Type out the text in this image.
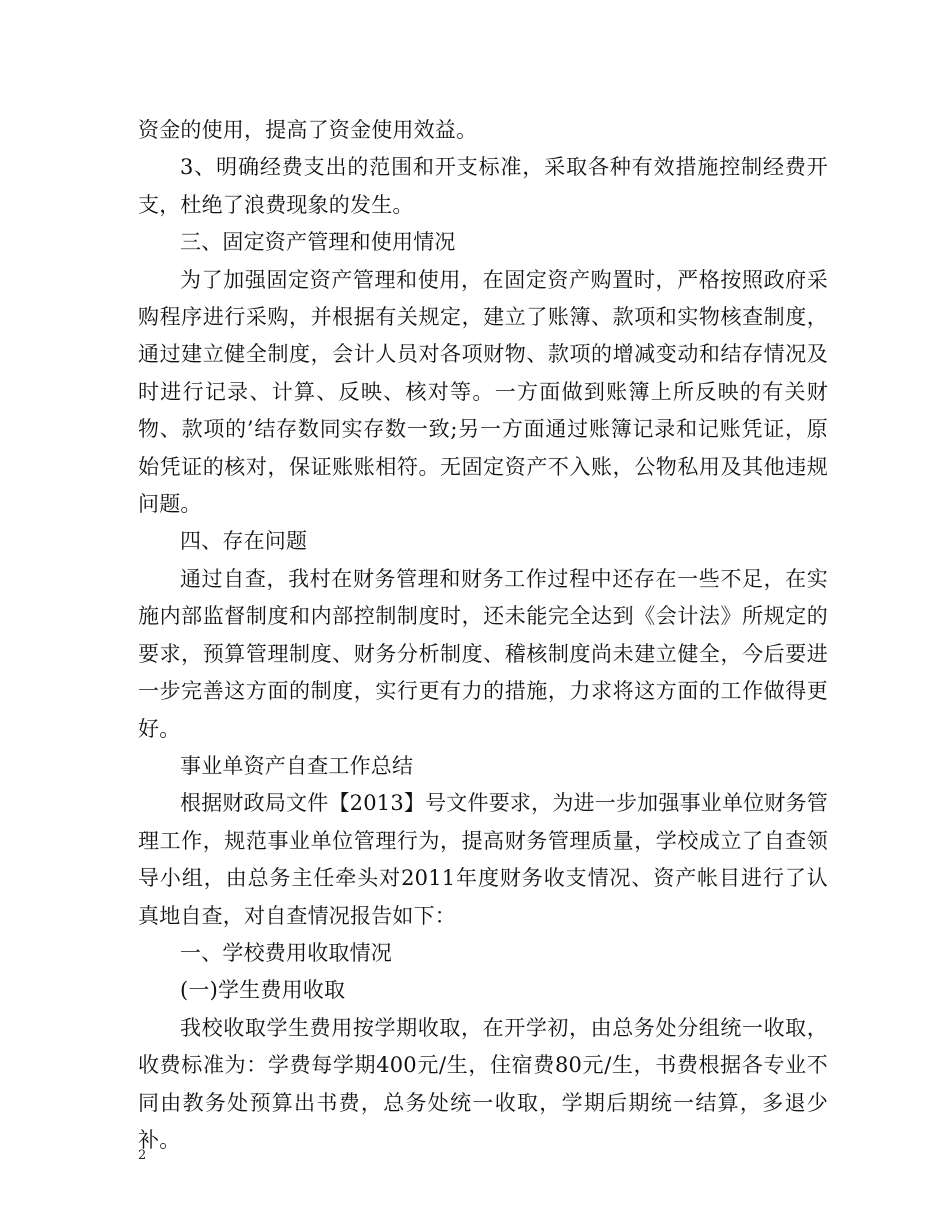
资金的使用，提高了资金使用效益。

3、明确经费支出的范围和开支标准，采取各种有效措施控制经费开支，杜绝了浪费现象的发生。

三、固定资产管理和使用情况

为了加强固定资产管理和使用，在固定资产购置时，严格按照政府采购程序进行采购，并根据有关规定，建立了账簿、款项和实物核查制度，通过建立健全制度，会计人员对各项财物、款项的增减变动和结存情况及时进行记录、计算、反映、核对等。一方面做到账簿上所反映的有关财物、款项的’结存数同实存数一致;另一方面通过账簿记录和记账凭证，原始凭证的核对，保证账账相符。无固定资产不入账，公物私用及其他违规问题。

四、存在问题

通过自查，我村在财务管理和财务工作过程中还存在一些不足，在实施内部监督制度和内部控制制度时，还未能完全达到《会计法》所规定的要求，预算管理制度、财务分析制度、稽核制度尚未建立健全，今后要进一步完善这方面的制度，实行更有力的措施，力求将这方面的工作做得更好。

事业单资产自查工作总结

根据财政局文件【2013】号文件要求，为进一步加强事业单位财务管理工作，规范事业单位管理行为，提高财务管理质量，学校成立了自查领导小组，由总务主任牵头对2011年度财务收支情况、资产帐目进行了认真地自查，对自查情况报告如下：

一、学校费用收取情况

(一)学生费用收取

我校收取学生费用按学期收取，在开学初，由总务处分组统一收取，收费标准为：学费每学期400元/生，住宿费80元/生，书费根据各专业不同由教务处预算出书费，总务处统一收取，学期后期统一结算，多退少补。

2
